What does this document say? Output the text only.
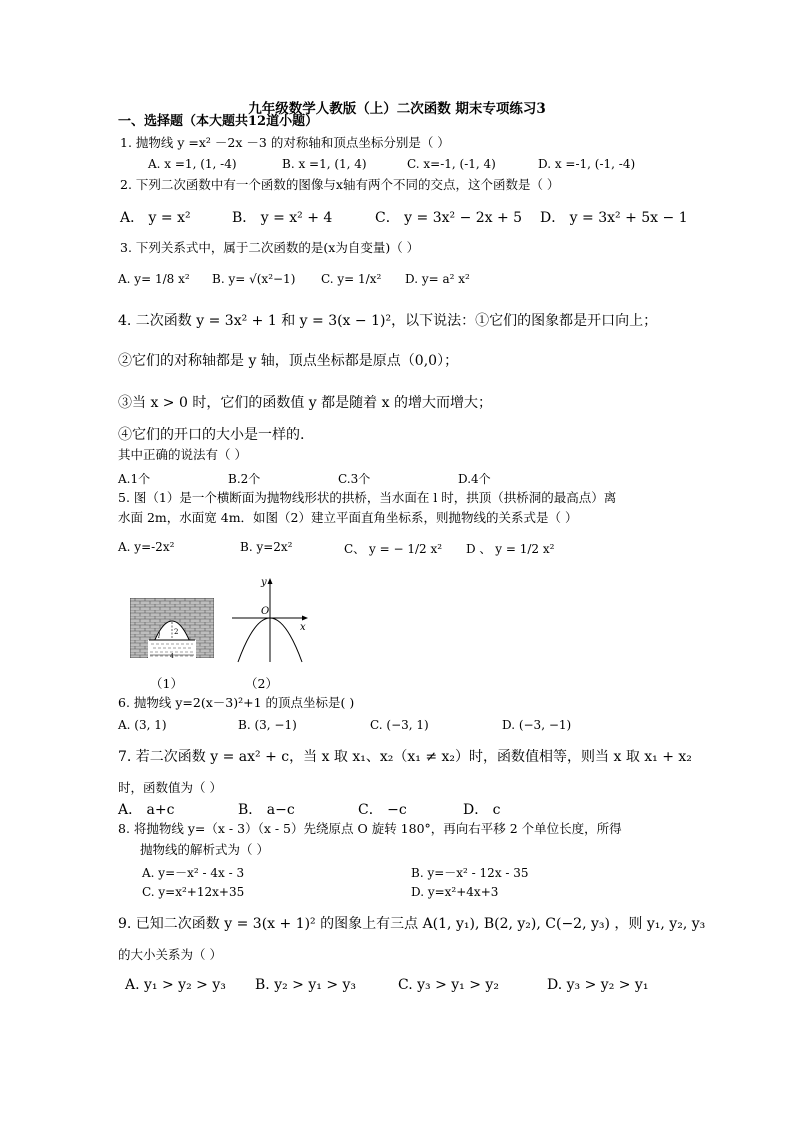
九年级数学人教版（上）二次函数 期末专项练习3
一、选择题（本大题共12道小题）
1. 抛物线 y =x² －2x －3 的对称轴和顶点坐标分别是（ ）
A. x =1, (1, -4)	B. x =1, (1, 4)	C. x=-1, (-1, 4)	D. x =-1, (-1, -4)
2. 下列二次函数中有一个函数的图像与x轴有两个不同的交点，这个函数是（ ）
A． y = x²	B． y = x² + 4	C． y = 3x² − 2x + 5 D． y = 3x² + 5x − 1
3. 下列关系式中，属于二次函数的是(x为自变量)（ ）
A. y= 1/8 x² B. y= √(x²−1) C. y= 1/x² D. y= a² x²
4. 二次函数 y = 3x² + 1 和 y = 3(x − 1)²，以下说法：①它们的图象都是开口向上；
②它们的对称轴都是 y 轴，顶点坐标都是原点（0,0）；
③当 x > 0 时，它们的函数值 y 都是随着 x 的增大而增大；
④它们的开口的大小是一样的.
其中正确的说法有（ ）
A.1个	B.2个	C.3个	D.4个
5. 图（1）是一个横断面为抛物线形状的拱桥，当水面在 l 时，拱顶（拱桥洞的最高点）离
水面 2m，水面宽 4m．如图（2）建立平面直角坐标系，则抛物线的关系式是（ ）
A. y=-2x²	B. y=2x²	C、 y = − 1/2 x² D 、 y = 1/2 x²
2
l
4
y
O
x
（1）	（2）
6. 抛物线 y=2(x－3)²+1 的顶点坐标是( )
A. (3, 1)	B. (3, −1)	C. (−3, 1)	D. (−3, −1)
7. 若二次函数 y = ax² + c，当 x 取 x₁、x₂（x₁ ≠ x₂）时，函数值相等，则当 x 取 x₁ + x₂
时，函数值为（ ）
A． a+c	B． a−c	C． −c	D． c
8. 将抛物线 y=（x - 3）（x - 5）先绕原点 O 旋转 180°，再向右平移 2 个单位长度，所得
抛物线的解析式为（ ）
A. y=－x² - 4x - 3	B. y=－x² - 12x - 35
C. y=x²+12x+35	D. y=x²+4x+3
9. 已知二次函数 y = 3(x + 1)² 的图象上有三点 A(1, y₁), B(2, y₂), C(−2, y₃) ，则 y₁, y₂, y₃
的大小关系为（ ）
A. y₁ > y₂ > y₃ B. y₂ > y₁ > y₃	C. y₃ > y₁ > y₂	D. y₃ > y₂ > y₁
